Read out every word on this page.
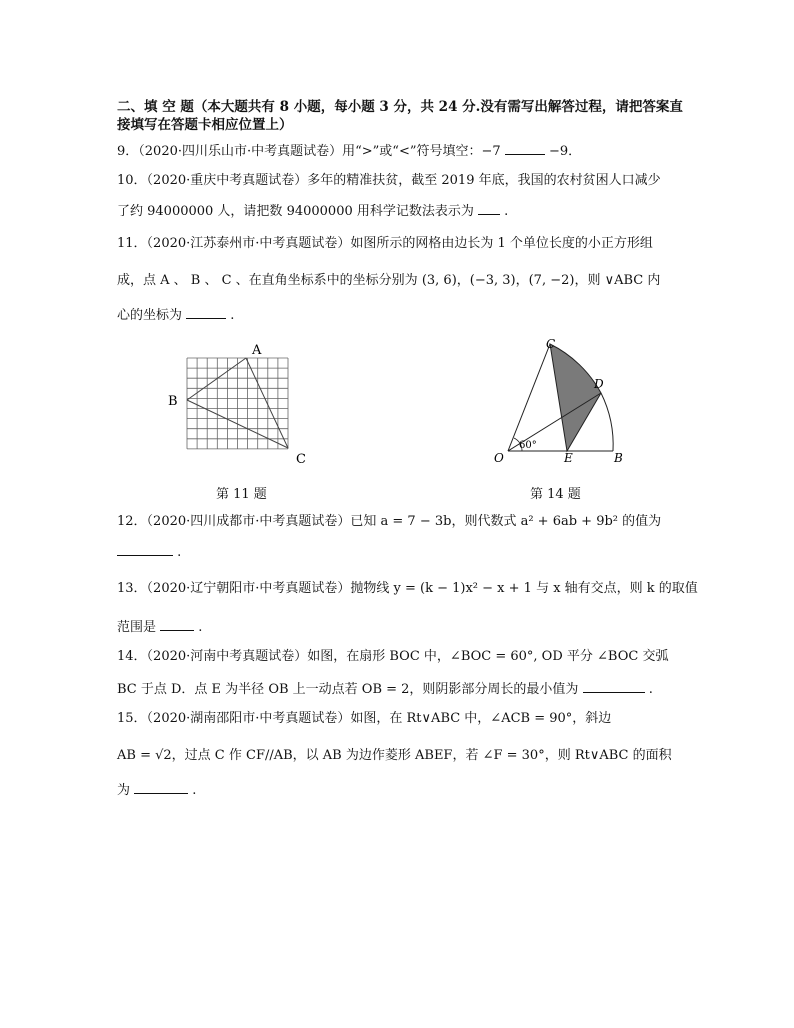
二、填 空 题（本大题共有 8 小题，每小题 3 分，共 24 分.没有需写出解答过程，请把答案直
接填写在答题卡相应位置上）
9．（2020·四川乐山市·中考真题试卷）用“>”或“<”符号填空：−7	−9．
10．（2020·重庆中考真题试卷）多年的精准扶贫，截至 2019 年底，我国的农村贫困人口减少
了约 94000000 人，请把数 94000000 用科学记数法表示为 .
11．（2020·江苏泰州市·中考真题试卷）如图所示的网格由边长为 1 个单位长度的小正方形组
成，点 A 、 B 、 C 、在直角坐标系中的坐标分别为 (3, 6)，(−3, 3)，(7, −2)，则 ∨ABC 内
心的坐标为	.
A
B
C
第 11 题
60°
O	E	B
C
D
第 14 题
12．（2020·四川成都市·中考真题试卷）已知 a = 7 − 3b，则代数式 a² + 6ab + 9b² 的值为
.
13．（2020·辽宁朝阳市·中考真题试卷）抛物线 y = (k − 1)x² − x + 1 与 x 轴有交点，则 k 的取值
范围是	.
14．（2020·河南中考真题试卷）如图，在扇形 BOC 中，∠BOC = 60°, OD 平分 ∠BOC 交弧
BC 于点 D．点 E 为半径 OB 上一动点若 OB = 2，则阴影部分周长的最小值为	.
15．（2020·湖南邵阳市·中考真题试卷）如图，在 Rt∨ABC 中，∠ACB = 90°，斜边
AB = √2，过点 C 作 CF//AB，以 AB 为边作菱形 ABEF，若 ∠F = 30°，则 Rt∨ABC 的面积
为	.
